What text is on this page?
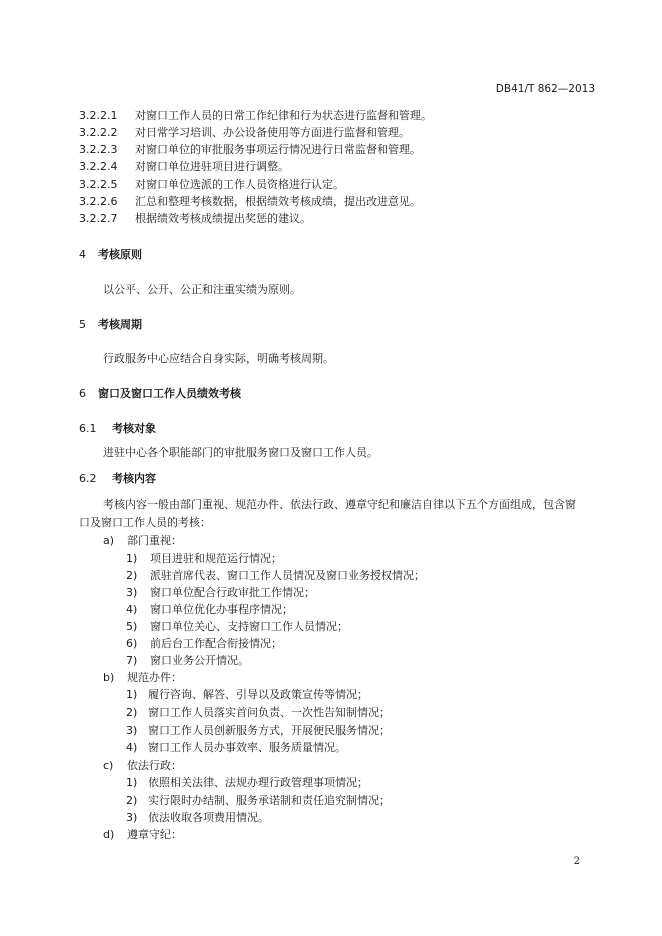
DB41/T 862—2013
3.2.2.1 对窗口工作人员的日常工作纪律和行为状态进行监督和管理。
3.2.2.2 对日常学习培训、办公设备使用等方面进行监督和管理。
3.2.2.3 对窗口单位的审批服务事项运行情况进行日常监督和管理。
3.2.2.4 对窗口单位进驻项目进行调整。
3.2.2.5 对窗口单位选派的工作人员资格进行认定。
3.2.2.6 汇总和整理考核数据，根据绩效考核成绩，提出改进意见。
3.2.2.7 根据绩效考核成绩提出奖惩的建议。
4 考核原则
以公平、公开、公正和注重实绩为原则。
5 考核周期
行政服务中心应结合自身实际，明确考核周期。
6 窗口及窗口工作人员绩效考核
6.1 考核对象
进驻中心各个职能部门的审批服务窗口及窗口工作人员。
6.2 考核内容
考核内容一般由部门重视、规范办件、依法行政、遵章守纪和廉洁自律以下五个方面组成，包含窗
口及窗口工作人员的考核：
a) 部门重视：
1) 项目进驻和规范运行情况；
2) 派驻首席代表、窗口工作人员情况及窗口业务授权情况；
3) 窗口单位配合行政审批工作情况；
4) 窗口单位优化办事程序情况；
5) 窗口单位关心、支持窗口工作人员情况；
6) 前后台工作配合衔接情况；
7) 窗口业务公开情况。
b) 规范办件：
1) 履行咨询、解答、引导以及政策宣传等情况；
2) 窗口工作人员落实首问负责、一次性告知制情况；
3) 窗口工作人员创新服务方式，开展便民服务情况；
4) 窗口工作人员办事效率、服务质量情况。
c) 依法行政：
1) 依照相关法律、法规办理行政管理事项情况；
2) 实行限时办结制、服务承诺制和责任追究制情况；
3) 依法收取各项费用情况。
d) 遵章守纪：
2
